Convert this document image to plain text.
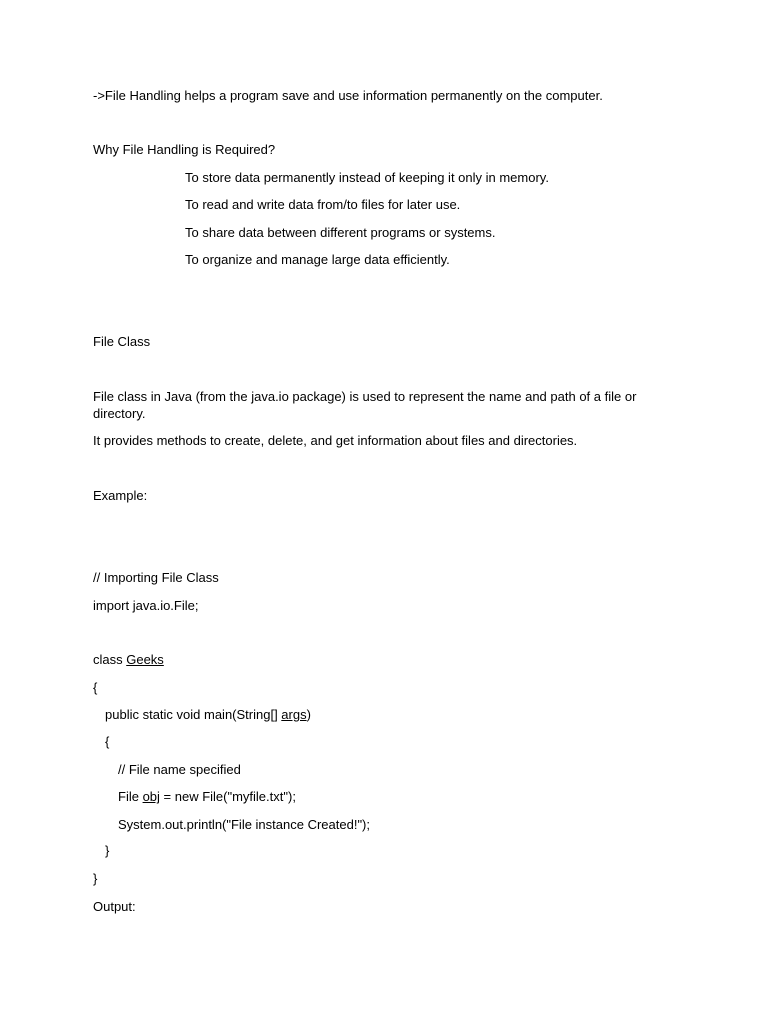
->File Handling helps a program save and use information permanently on the computer.
Why File Handling is Required?
To store data permanently instead of keeping it only in memory.
To read and write data from/to files for later use.
To share data between different programs or systems.
To organize and manage large data efficiently.
File Class
File class in Java (from the java.io package) is used to represent the name and path of a file or directory.
It provides methods to create, delete, and get information about files and directories.
Example:
// Importing File Class
import java.io.File;
class Geeks
{
public static void main(String[] args)
{
// File name specified
File obj = new File("myfile.txt");
System.out.println("File instance Created!");
}
}
Output:
